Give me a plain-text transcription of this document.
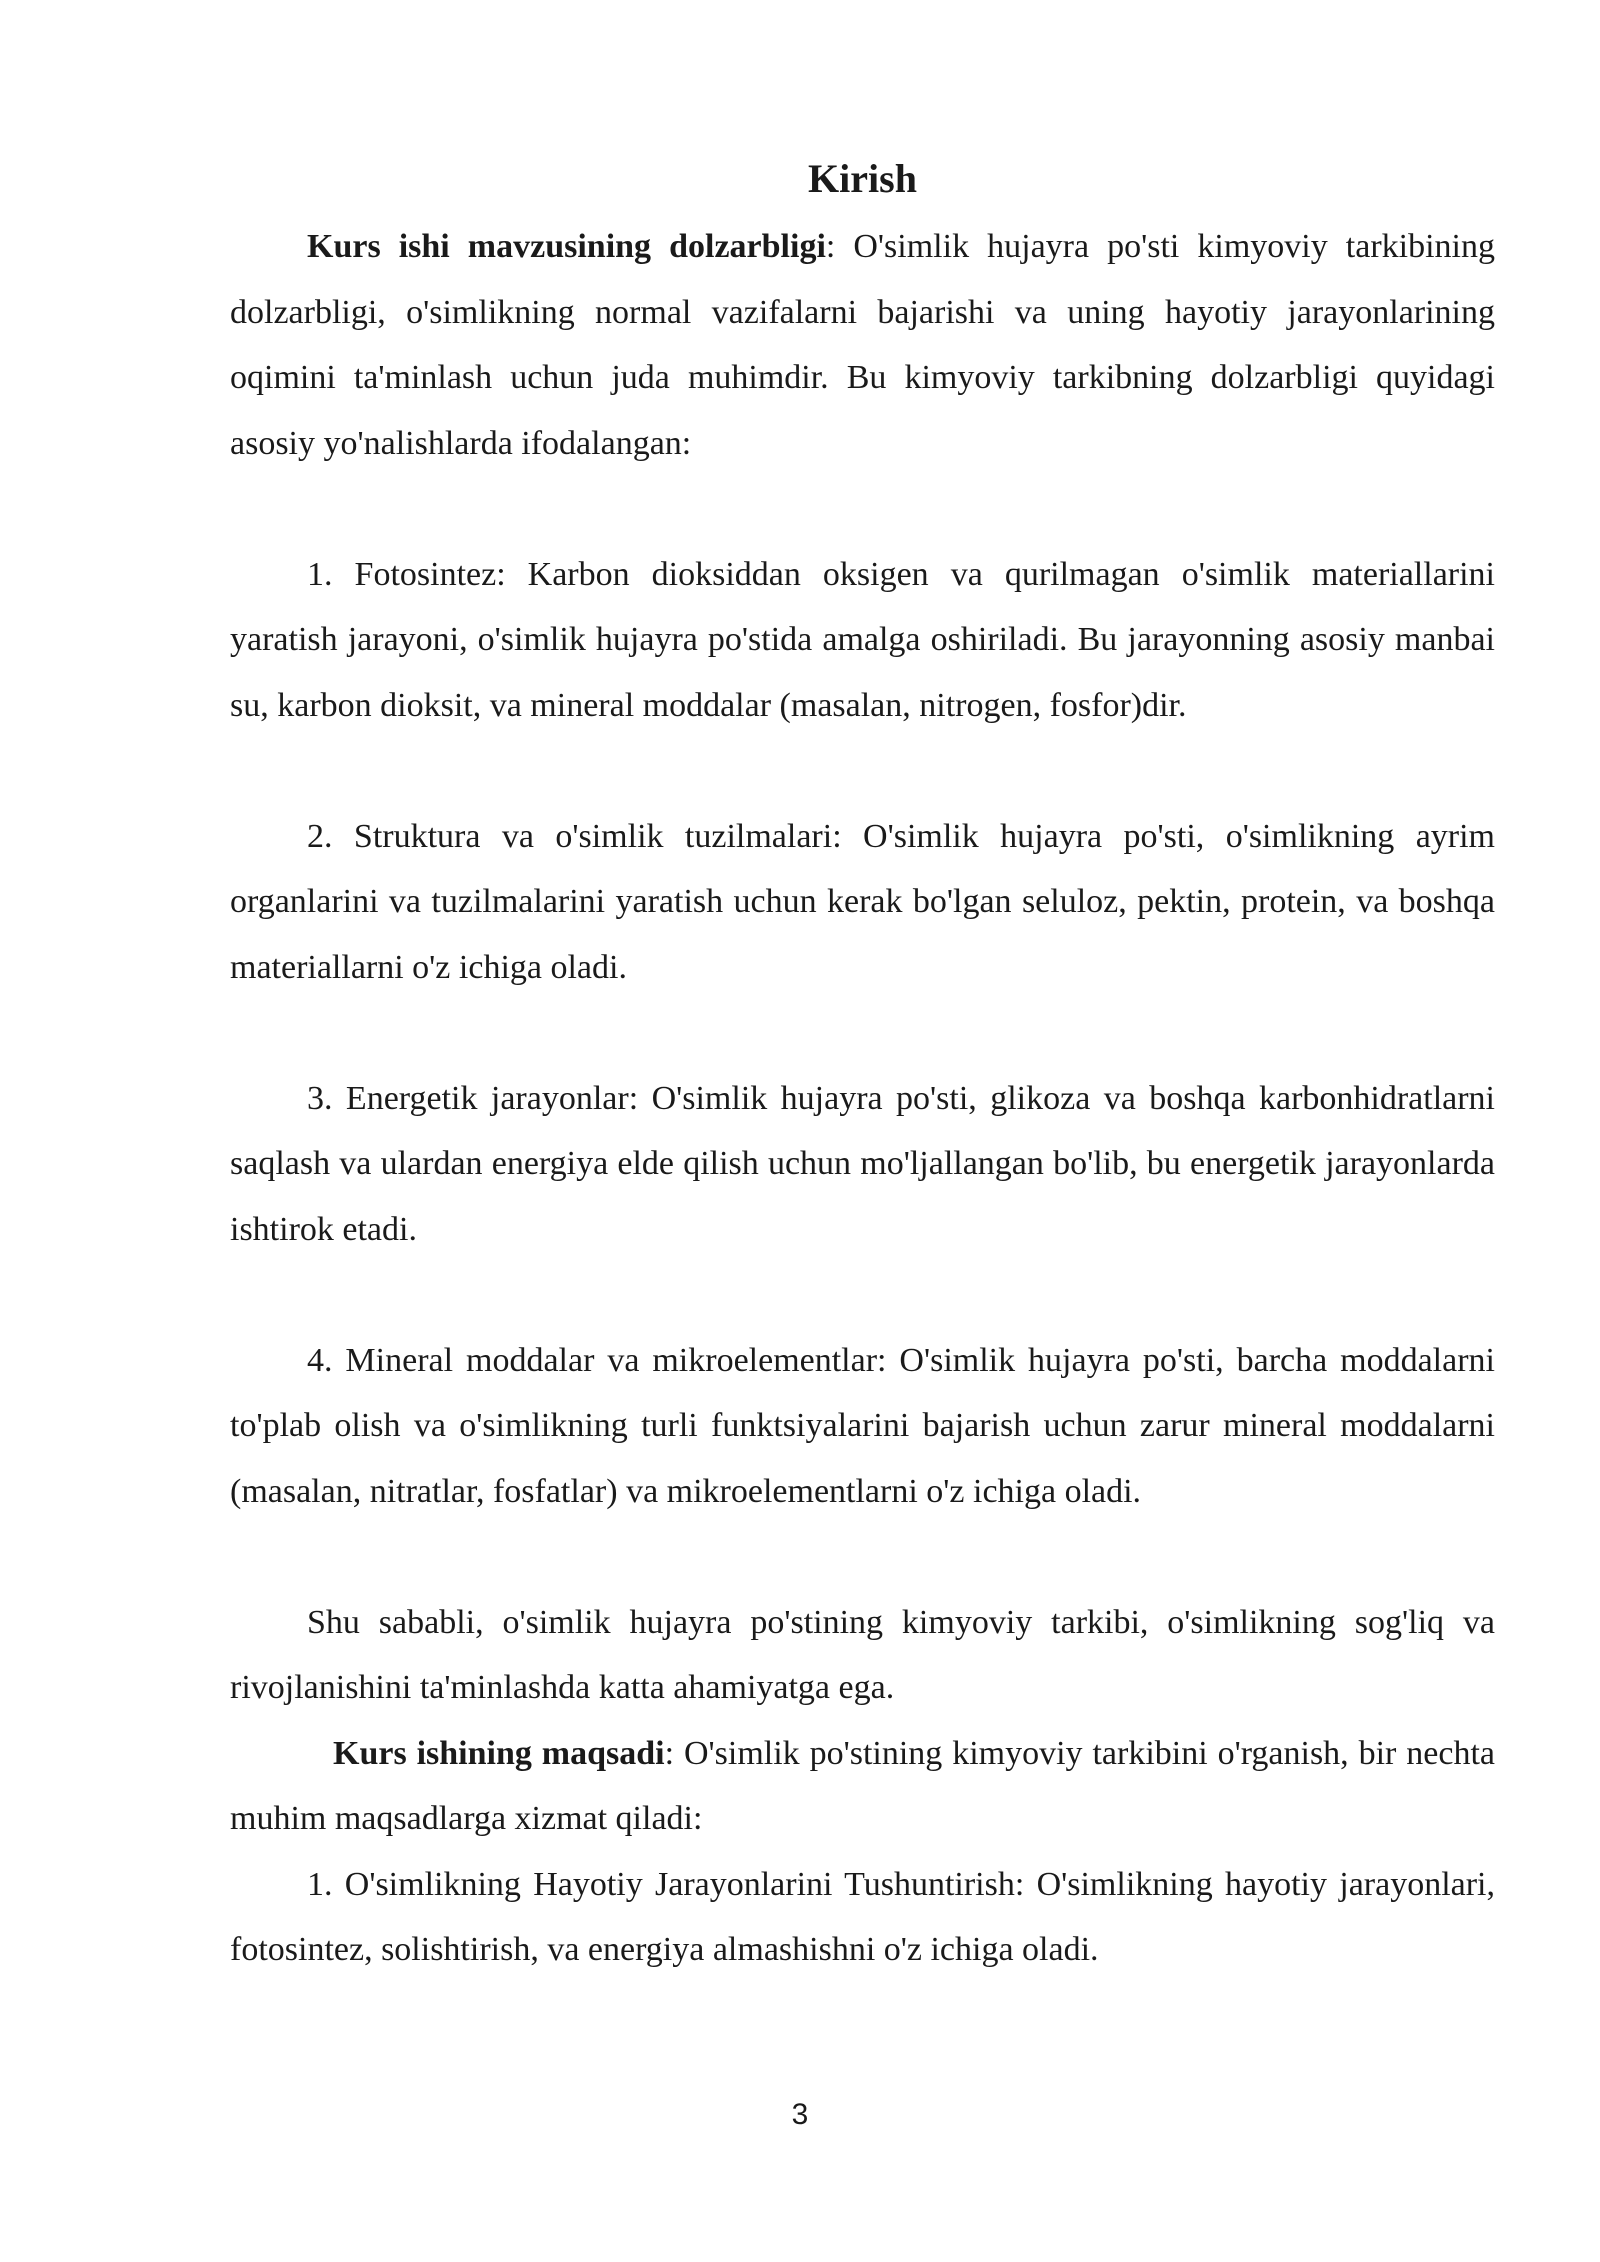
Kirish

Kurs ishi mavzusining dolzarbligi: O'simlik hujayra po'sti kimyoviy tarkibining dolzarbligi, o'simlikning normal vazifalarni bajarishi va uning hayotiy jarayonlarining oqimini ta'minlash uchun juda muhimdir. Bu kimyoviy tarkibning dolzarbligi quyidagi asosiy yo'nalishlarda ifodalangan:

1. Fotosintez: Karbon dioksiddan oksigen va qurilmagan o'simlik materiallarini yaratish jarayoni, o'simlik hujayra po'stida amalga oshiriladi. Bu jarayonning asosiy manbai su, karbon dioksit, va mineral moddalar (masalan, nitrogen, fosfor)dir.

2. Struktura va o'simlik tuzilmalari: O'simlik hujayra po'sti, o'simlikning ayrim organlarini va tuzilmalarini yaratish uchun kerak bo'lgan seluloz, pektin, protein, va boshqa materiallarni o'z ichiga oladi.

3. Energetik jarayonlar: O'simlik hujayra po'sti, glikoza va boshqa karbonhidratlarni saqlash va ulardan energiya elde qilish uchun mo'ljallangan bo'lib, bu energetik jarayonlarda ishtirok etadi.

4. Mineral moddalar va mikroelementlar: O'simlik hujayra po'sti, barcha moddalarni to'plab olish va o'simlikning turli funktsiyalarini bajarish uchun zarur mineral moddalarni (masalan, nitratlar, fosfatlar) va mikroelementlarni o'z ichiga oladi.

Shu sababli, o'simlik hujayra po'stining kimyoviy tarkibi, o'simlikning sog'liq va rivojlanishini ta'minlashda katta ahamiyatga ega.

Kurs ishining maqsadi: O'simlik po'stining kimyoviy tarkibini o'rganish, bir nechta muhim maqsadlarga xizmat qiladi:

1. O'simlikning Hayotiy Jarayonlarini Tushuntirish: O'simlikning hayotiy jarayonlari, fotosintez, solishtirish, va energiya almashishni o'z ichiga oladi.

3
